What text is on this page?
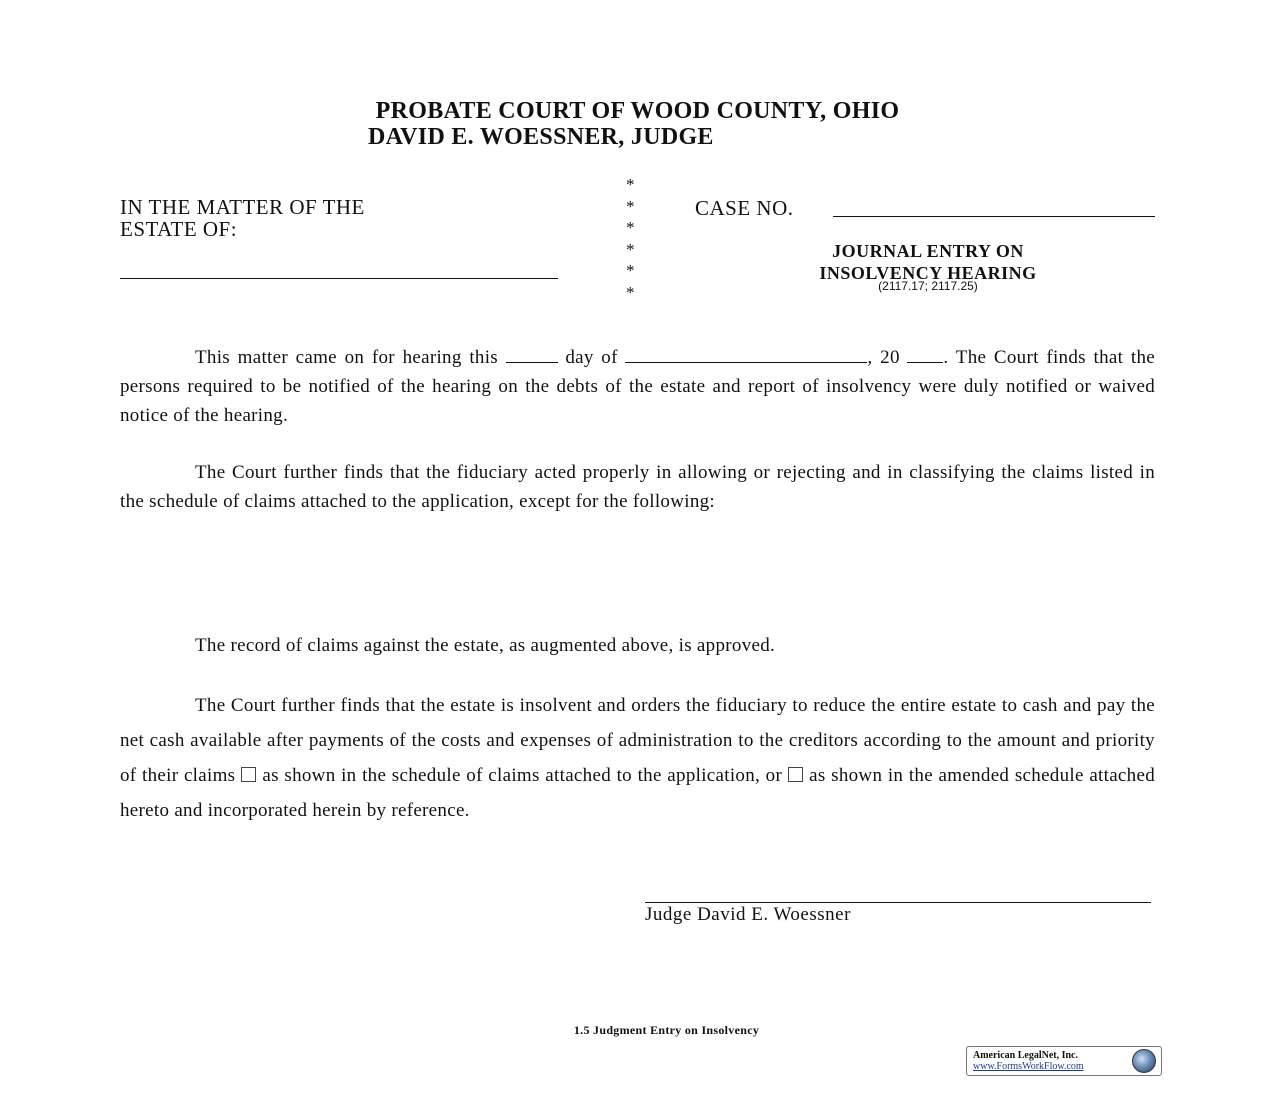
PROBATE COURT OF WOOD COUNTY, OHIO
DAVID E. WOESSNER, JUDGE
IN THE MATTER OF THE
ESTATE OF:
*
*
*
*
*
*
CASE NO.
JOURNAL ENTRY ON
INSOLVENCY HEARING
(2117.17; 2117.25)
This matter came on for hearing this	day of	, 20 . The Court finds that the persons required to be notified of the hearing on the debts of the estate and report of insolvency were duly notified or waived notice of the hearing.
The Court further finds that the fiduciary acted properly in allowing or rejecting and in classifying the claims listed in the schedule of claims attached to the application, except for the following:
The record of claims against the estate, as augmented above, is approved.
The Court further finds that the estate is insolvent and orders the fiduciary to reduce the entire estate to cash and pay the net cash available after payments of the costs and expenses of administration to the creditors according to the amount and priority of their claims as shown in the schedule of claims attached to the application, or as shown in the amended schedule attached hereto and incorporated herein by reference.
Judge David E. Woessner
1.5 Judgment Entry on Insolvency
American LegalNet, Inc.
www.FormsWorkFlow.com
